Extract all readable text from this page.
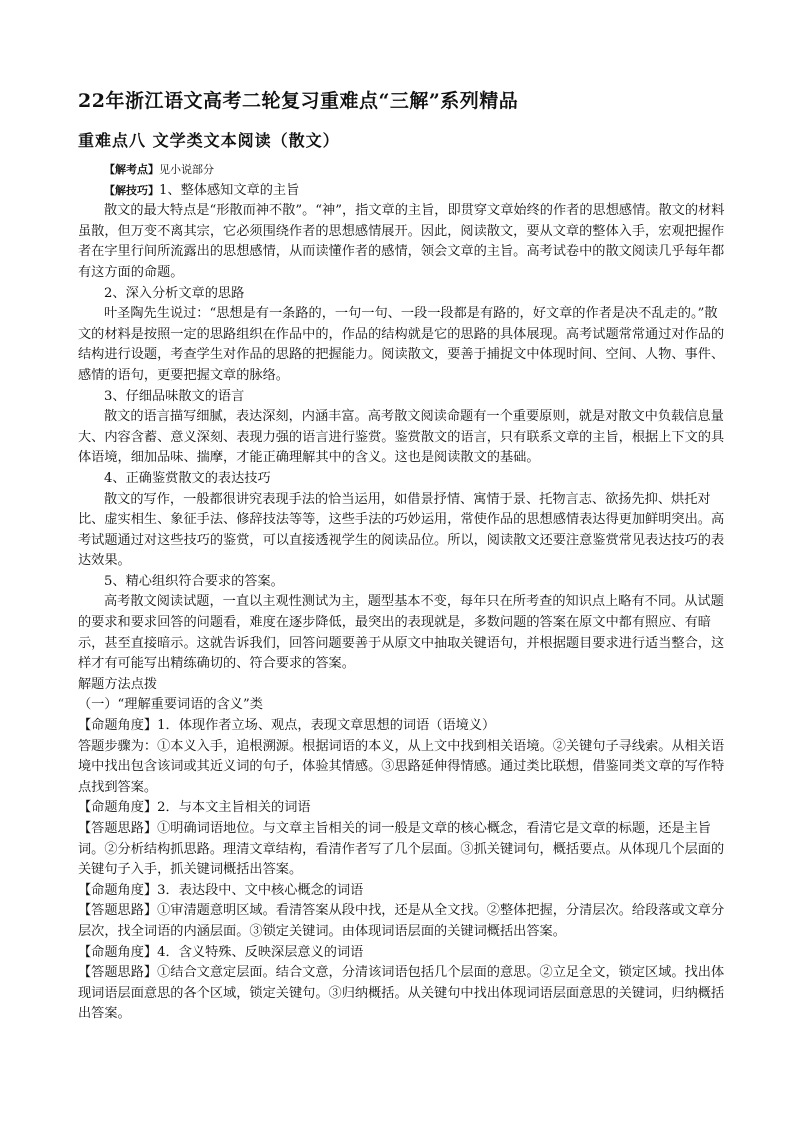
22年浙江语文高考二轮复习重难点“三解”系列精品
重难点八 文学类文本阅读（散文）

【解考点】见小说部分

【解技巧】1、整体感知文章的主旨

散文的最大特点是“形散而神不散”。“神”，指文章的主旨，即贯穿文章始终的作者的思想感情。散文的材料虽散，但万变不离其宗，它必须围绕作者的思想感情展开。因此，阅读散文，要从文章的整体入手，宏观把握作者在字里行间所流露出的思想感情，从而读懂作者的感情，领会文章的主旨。高考试卷中的散文阅读几乎每年都有这方面的命题。

2、深入分析文章的思路

叶圣陶先生说过：“思想是有一条路的，一句一句、一段一段都是有路的，好文章的作者是决不乱走的。”散文的材料是按照一定的思路组织在作品中的，作品的结构就是它的思路的具体展现。高考试题常常通过对作品的结构进行设题，考查学生对作品的思路的把握能力。阅读散文，要善于捕捉文中体现时间、空间、人物、事件、感情的语句，更要把握文章的脉络。

3、仔细品味散文的语言

散文的语言描写细腻，表达深刻，内涵丰富。高考散文阅读命题有一个重要原则，就是对散文中负载信息量大、内容含蓄、意义深刻、表现力强的语言进行鉴赏。鉴赏散文的语言，只有联系文章的主旨，根据上下文的具体语境，细加品味、揣摩，才能正确理解其中的含义。这也是阅读散文的基础。

4、正确鉴赏散文的表达技巧

散文的写作，一般都很讲究表现手法的恰当运用，如借景抒情、寓情于景、托物言志、欲扬先抑、烘托对比、虚实相生、象征手法、修辞技法等等，这些手法的巧妙运用，常使作品的思想感情表达得更加鲜明突出。高考试题通过对这些技巧的鉴赏，可以直接透视学生的阅读品位。所以，阅读散文还要注意鉴赏常见表达技巧的表达效果。

5、精心组织符合要求的答案。

高考散文阅读试题，一直以主观性测试为主，题型基本不变，每年只在所考查的知识点上略有不同。从试题的要求和要求回答的问题看，难度在逐步降低，最突出的表现就是，多数问题的答案在原文中都有照应、有暗示，甚至直接暗示。这就告诉我们，回答问题要善于从原文中抽取关键语句，并根据题目要求进行适当整合，这样才有可能写出精练确切的、符合要求的答案。

解题方法点拨

（一）“理解重要词语的含义”类

【命题角度】1．体现作者立场、观点，表现文章思想的词语（语境义）

答题步骤为：①本义入手，追根溯源。根据词语的本义，从上文中找到相关语境。②关键句子寻线索。从相关语境中找出包含该词或其近义词的句子，体验其情感。③思路延伸得情感。通过类比联想，借鉴同类文章的写作特点找到答案。

【命题角度】2．与本文主旨相关的词语

【答题思路】①明确词语地位。与文章主旨相关的词一般是文章的核心概念，看清它是文章的标题，还是主旨词。②分析结构抓思路。理清文章结构，看清作者写了几个层面。③抓关键词句，概括要点。从体现几个层面的关键句子入手，抓关键词概括出答案。

【命题角度】3．表达段中、文中核心概念的词语

【答题思路】①审清题意明区域。看清答案从段中找，还是从全文找。②整体把握，分清层次。给段落或文章分层次，找全词语的内涵层面。③锁定关键词。由体现词语层面的关键词概括出答案。

【命题角度】4．含义特殊、反映深层意义的词语

【答题思路】①结合文意定层面。结合文意，分清该词语包括几个层面的意思。②立足全文，锁定区域。找出体现词语层面意思的各个区域，锁定关键句。③归纳概括。从关键句中找出体现词语层面意思的关键词，归纳概括出答案。
